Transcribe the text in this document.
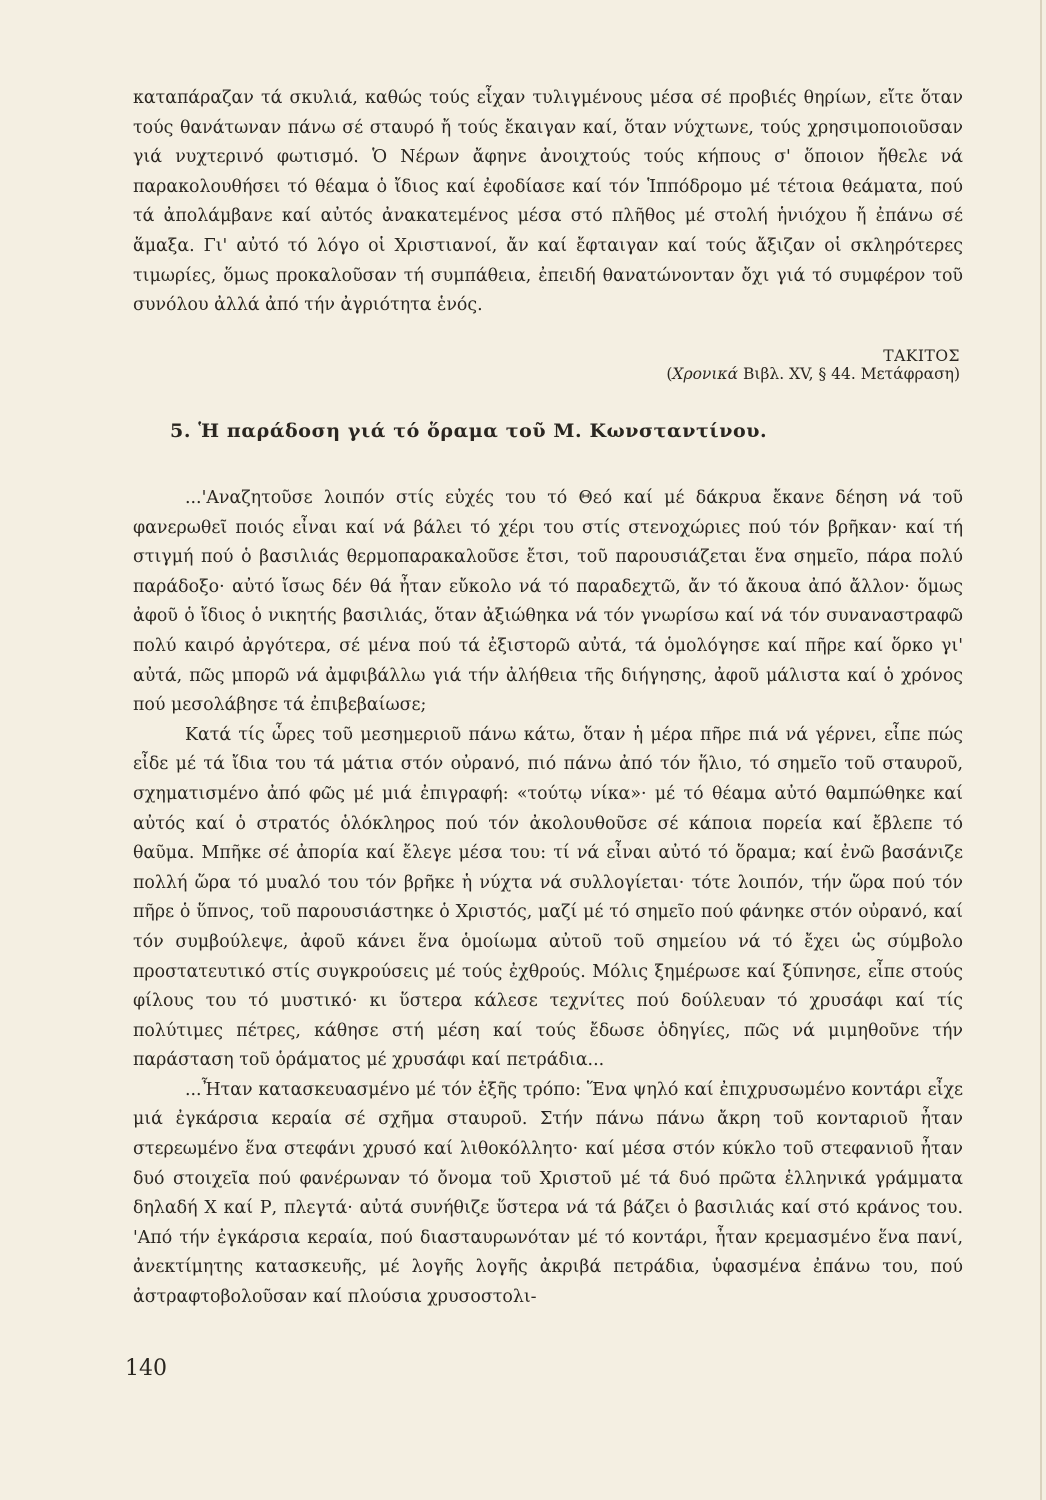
καταπάραζαν τά σκυλιά, καθώς τούς εἶχαν τυλιγμένους μέσα σέ προβιές θηρίων, εἴτε ὅταν τούς θανάτωναν πάνω σέ σταυρό ἤ τούς ἔκαιγαν καί, ὅταν νύχτωνε, τούς χρησιμοποιοῦσαν γιά νυχτερινό φωτισμό. Ὁ Νέρων ἄφηνε ἀνοιχτούς τούς κήπους σ' ὅποιον ἤθελε νά παρακολουθήσει τό θέαμα ὁ ἴδιος καί ἐφοδίασε καί τόν Ἱππόδρομο μέ τέτοια θεάματα, πού τά ἀπολάμβανε καί αὐτός ἀνακατεμένος μέσα στό πλῆθος μέ στολή ἡνιόχου ἤ ἐπάνω σέ ἅμαξα. Γι' αὐτό τό λόγο οἱ Χριστιανοί, ἄν καί ἔφταιγαν καί τούς ἄξιζαν οἱ σκληρότερες τιμωρίες, ὅμως προκαλοῦσαν τή συμπάθεια, ἐπειδή θανατώνονταν ὄχι γιά τό συμφέρον τοῦ συνόλου ἀλλά ἀπό τήν ἀγριότητα ἑνός.

ΤΑΚΙΤΟΣ
(Χρονικά Βιβλ. XV, § 44. Μετάφραση)
5. Ἡ παράδοση γιά τό ὅραμα τοῦ Μ. Κωνσταντίνου.

...'Αναζητοῦσε λοιπόν στίς εὐχές του τό Θεό καί μέ δάκρυα ἔκανε δέηση νά τοῦ φανερωθεῖ ποιός εἶναι καί νά βάλει τό χέρι του στίς στενοχώριες πού τόν βρῆκαν· καί τή στιγμή πού ὁ βασιλιάς θερμοπαρακαλοῦσε ἔτσι, τοῦ παρουσιάζεται ἕνα σημεῖο, πάρα πολύ παράδοξο· αὐτό ἴσως δέν θά ἦταν εὔκολο νά τό παραδεχτῶ, ἄν τό ἄκουα ἀπό ἄλλον· ὅμως ἀφοῦ ὁ ἴδιος ὁ νικητής βασιλιάς, ὅταν ἀξιώθηκα νά τόν γνωρίσω καί νά τόν συναναστραφῶ πολύ καιρό ἀργότερα, σέ μένα πού τά ἐξιστορῶ αὐτά, τά ὁμολόγησε καί πῆρε καί ὅρκο γι' αὐτά, πῶς μπορῶ νά ἀμφιβάλλω γιά τήν ἀλήθεια τῆς διήγησης, ἀφοῦ μάλιστα καί ὁ χρόνος πού μεσολάβησε τά ἐπιβεβαίωσε;

Κατά τίς ὧρες τοῦ μεσημεριοῦ πάνω κάτω, ὅταν ἡ μέρα πῆρε πιά νά γέρνει, εἶπε πώς εἶδε μέ τά ἴδια του τά μάτια στόν οὐρανό, πιό πάνω ἀπό τόν ἥλιο, τό σημεῖο τοῦ σταυροῦ, σχηματισμένο ἀπό φῶς μέ μιά ἐπιγραφή: «τούτῳ νίκα»· μέ τό θέαμα αὐτό θαμπώθηκε καί αὐτός καί ὁ στρατός ὁλόκληρος πού τόν ἀκολουθοῦσε σέ κάποια πορεία καί ἔβλεπε τό θαῦμα. Μπῆκε σέ ἀπορία καί ἔλεγε μέσα του: τί νά εἶναι αὐτό τό ὅραμα; καί ἐνῶ βασάνιζε πολλή ὥρα τό μυαλό του τόν βρῆκε ἡ νύχτα νά συλλογίεται· τότε λοιπόν, τήν ὥρα πού τόν πῆρε ὁ ὕπνος, τοῦ παρουσιάστηκε ὁ Χριστός, μαζί μέ τό σημεῖο πού φάνηκε στόν οὐρανό, καί τόν συμβούλεψε, ἀφοῦ κάνει ἕνα ὁμοίωμα αὐτοῦ τοῦ σημείου νά τό ἔχει ὡς σύμβολο προστατευτικό στίς συγκρούσεις μέ τούς ἐχθρούς. Μόλις ξημέρωσε καί ξύπνησε, εἶπε στούς φίλους του τό μυστικό· κι ὕστερα κάλεσε τεχνίτες πού δούλευαν τό χρυσάφι καί τίς πολύτιμες πέτρες, κάθησε στή μέση καί τούς ἔδωσε ὁδηγίες, πῶς νά μιμηθοῦνε τήν παράσταση τοῦ ὁράματος μέ χρυσάφι καί πετράδια...

...Ἦταν κατασκευασμένο μέ τόν ἑξῆς τρόπο: Ἕνα ψηλό καί ἐπιχρυσωμένο κοντάρι εἶχε μιά ἐγκάρσια κεραία σέ σχῆμα σταυροῦ. Στήν πάνω πάνω ἄκρη τοῦ κονταριοῦ ἦταν στερεωμένο ἕνα στεφάνι χρυσό καί λιθοκόλλητο· καί μέσα στόν κύκλο τοῦ στεφανιοῦ ἦταν δυό στοιχεῖα πού φανέρωναν τό ὄνομα τοῦ Χριστοῦ μέ τά δυό πρῶτα ἑλληνικά γράμματα δηλαδή Χ καί Ρ, πλεγτά· αὐτά συνήθιζε ὕστερα νά τά βάζει ὁ βασιλιάς καί στό κράνος του. 'Από τήν ἐγκάρσια κεραία, πού διασταυρωνόταν μέ τό κοντάρι, ἦταν κρεμασμένο ἕνα πανί, ἀνεκτίμητης κατασκευῆς, μέ λογῆς λογῆς ἀκριβά πετράδια, ὑφασμένα ἐπάνω του, πού ἀστραφτοβολοῦσαν καί πλούσια χρυσοστολι-

140
